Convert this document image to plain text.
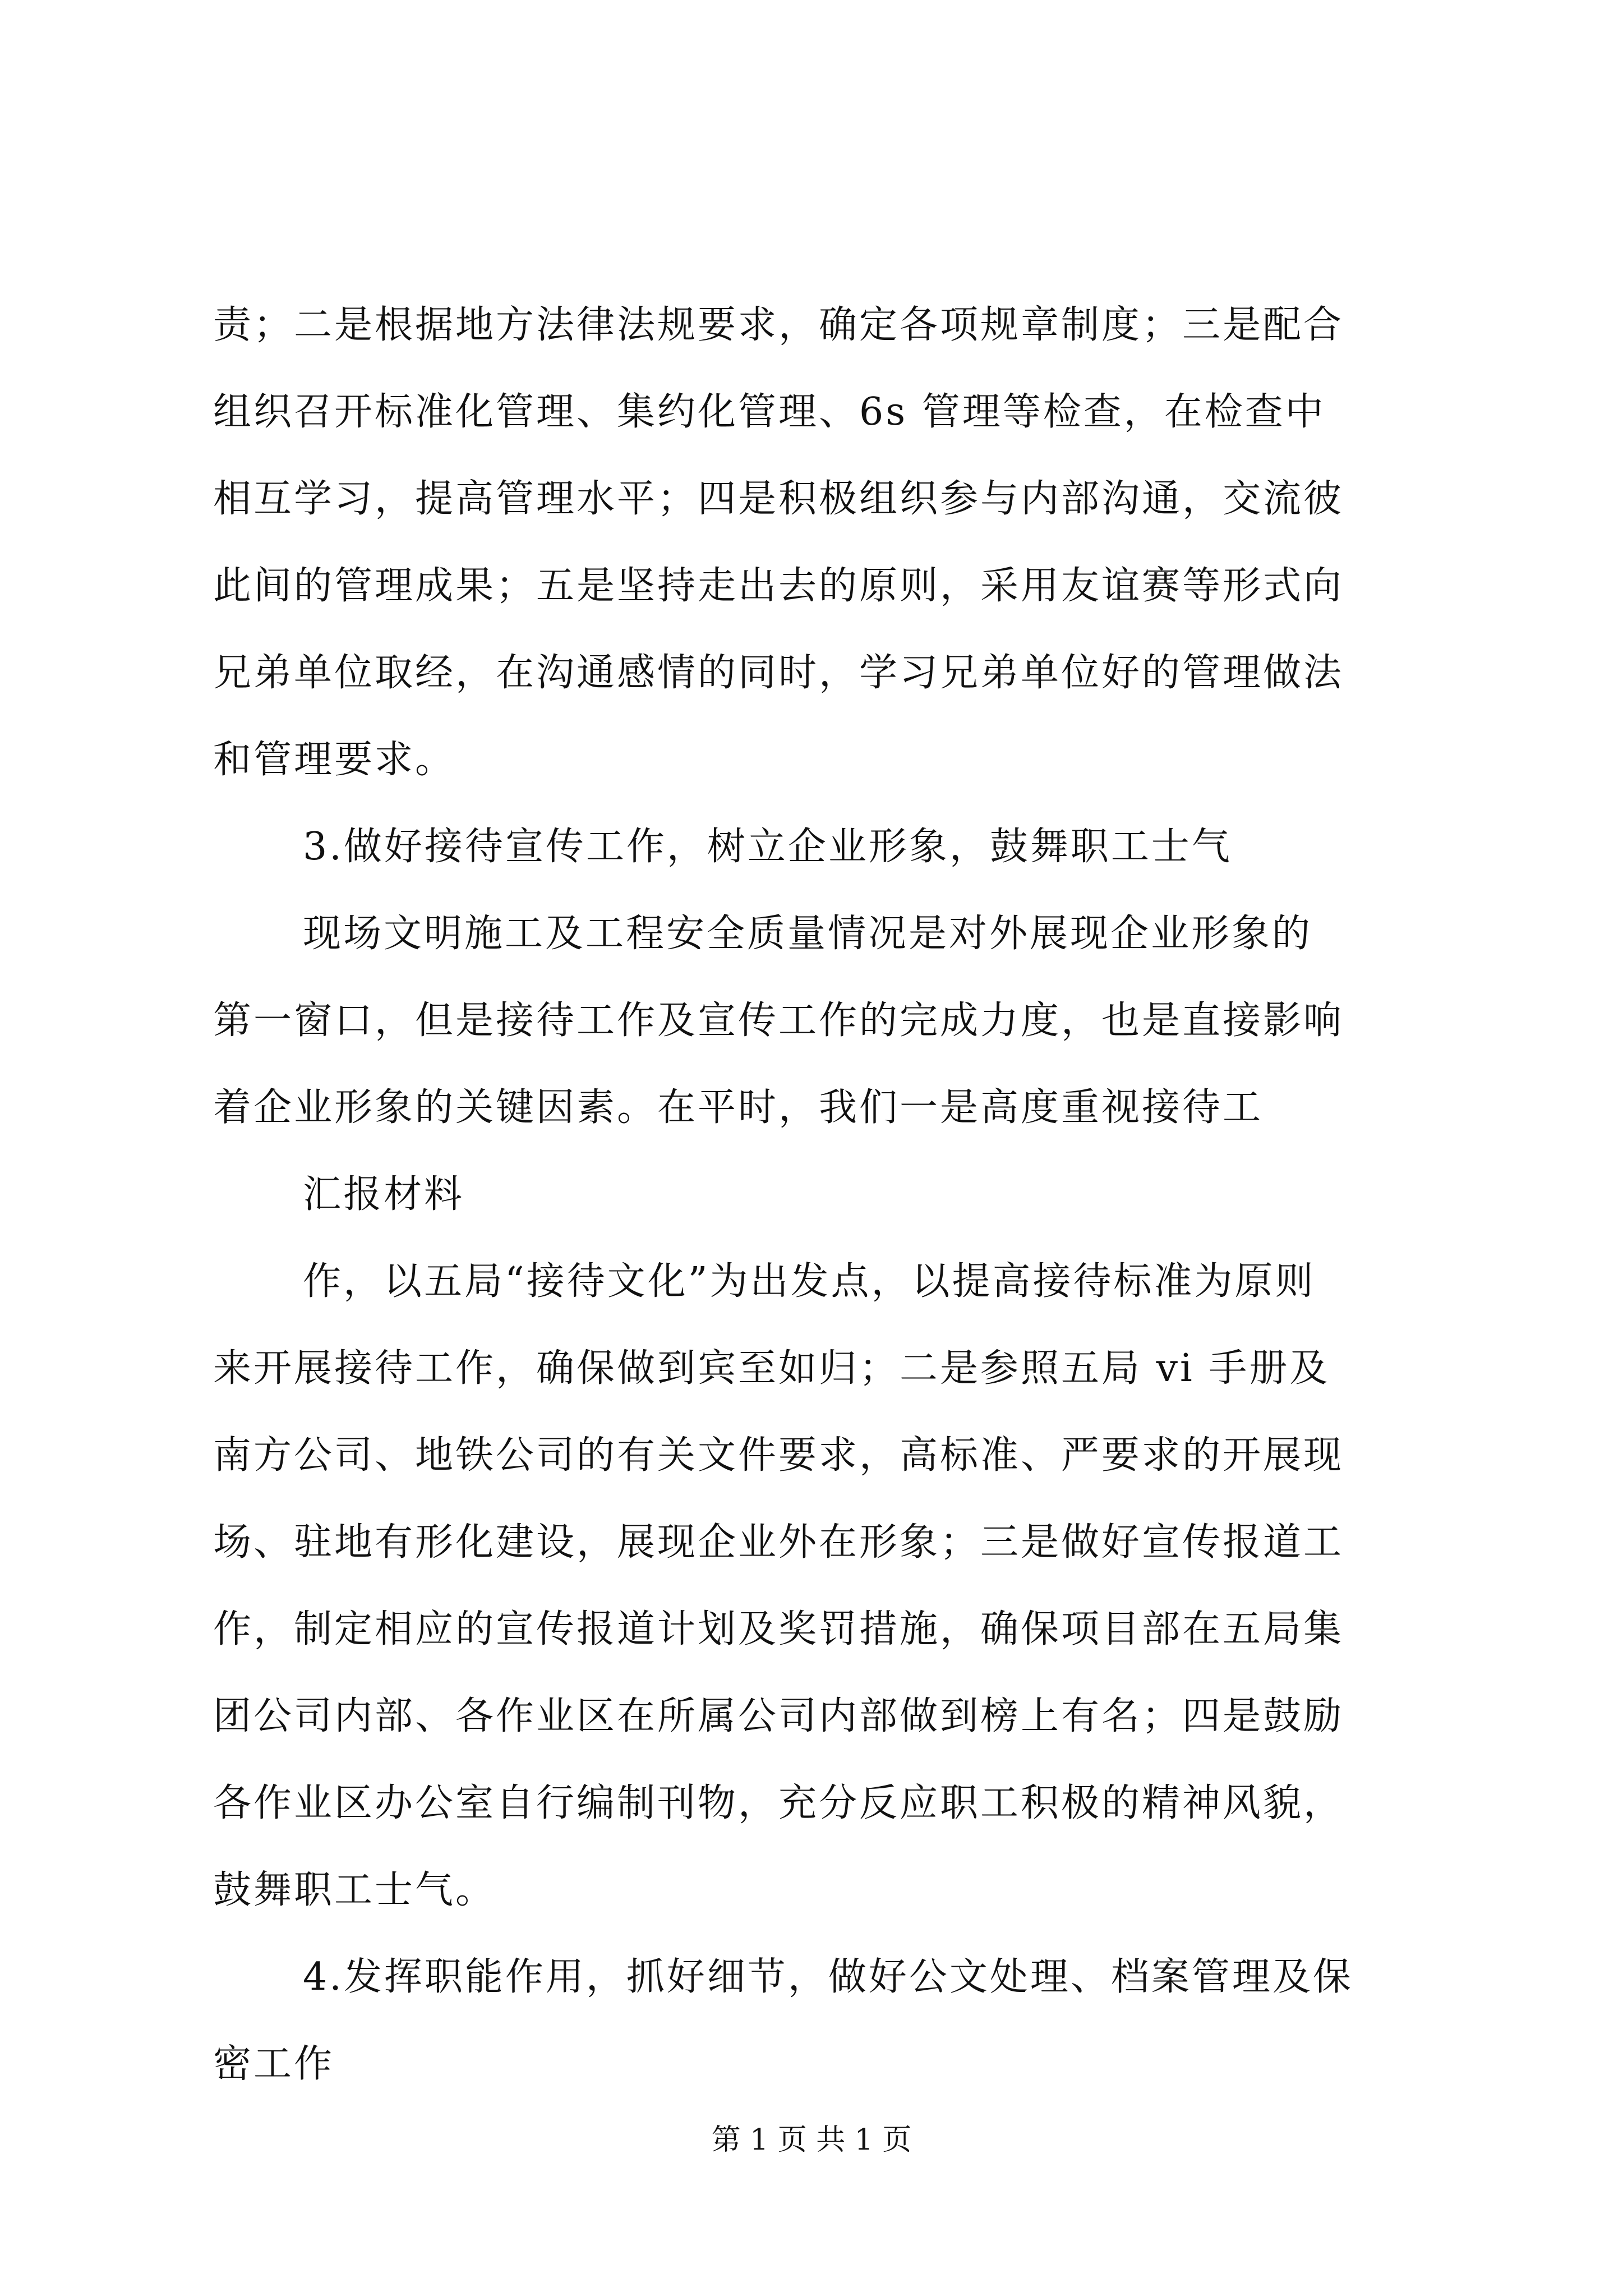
责；二是根据地方法律法规要求，确定各项规章制度；三是配合
组织召开标准化管理、集约化管理、6s 管理等检查，在检查中
相互学习，提高管理水平；四是积极组织参与内部沟通，交流彼
此间的管理成果；五是坚持走出去的原则，采用友谊赛等形式向
兄弟单位取经，在沟通感情的同时，学习兄弟单位好的管理做法
和管理要求。
3.做好接待宣传工作，树立企业形象，鼓舞职工士气
现场文明施工及工程安全质量情况是对外展现企业形象的
第一窗口，但是接待工作及宣传工作的完成力度，也是直接影响
着企业形象的关键因素。在平时，我们一是高度重视接待工
汇报材料
作，以五局“接待文化”为出发点，以提高接待标准为原则
来开展接待工作，确保做到宾至如归；二是参照五局 vi 手册及
南方公司、地铁公司的有关文件要求，高标准、严要求的开展现
场、驻地有形化建设，展现企业外在形象；三是做好宣传报道工
作，制定相应的宣传报道计划及奖罚措施，确保项目部在五局集
团公司内部、各作业区在所属公司内部做到榜上有名；四是鼓励
各作业区办公室自行编制刊物，充分反应职工积极的精神风貌，
鼓舞职工士气。
4.发挥职能作用，抓好细节，做好公文处理、档案管理及保
密工作
第 1 页 共 1 页
